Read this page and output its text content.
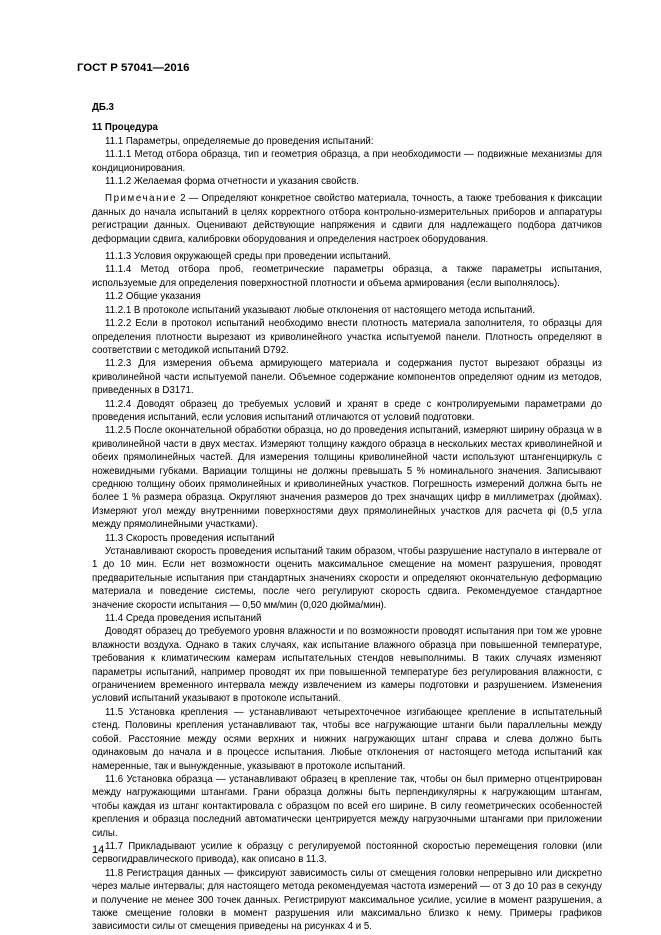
ГОСТ Р 57041—2016

ДБ.3

11 Процедура

11.1 Параметры, определяемые до проведения испытаний:

11.1.1 Метод отбора образца, тип и геометрия образца, а при необходимости — подвижные механизмы для кондиционирования.

11.1.2 Желаемая форма отчетности и указания свойств.

Примечание 2 — Определяют конкретное свойство материала, точность, а также требования к фиксации данных до начала испытаний в целях корректного отбора контрольно-измерительных приборов и аппаратуры регистрации данных. Оценивают действующие напряжения и сдвиги для надлежащего подбора датчиков деформации сдвига, калибровки оборудования и определения настроек оборудования.

11.1.3 Условия окружающей среды при проведении испытаний.

11.1.4 Метод отбора проб, геометрические параметры образца, а также параметры испытания, используемые для определения поверхностной плотности и объема армирования (если выполнялось).

11.2 Общие указания

11.2.1 В протоколе испытаний указывают любые отклонения от настоящего метода испытаний.

11.2.2 Если в протокол испытаний необходимо внести плотность материала заполнителя, то образцы для определения плотности вырезают из криволинейного участка испытуемой панели. Плотность определяют в соответствии с методикой испытаний D792.

11.2.3 Для измерения объема армирующего материала и содержания пустот вырезают образцы из криволинейной части испытуемой панели. Объемное содержание компонентов определяют одним из методов, приведенных в D3171.

11.2.4 Доводят образец до требуемых условий и хранят в среде с контролируемыми параметрами до проведения испытаний, если условия испытаний отличаются от условий подготовки.

11.2.5 После окончательной обработки образца, но до проведения испытаний, измеряют ширину образца w в криволинейной части в двух местах. Измеряют толщину каждого образца в нескольких местах криволинейной и обеих прямолинейных частей. Для измерения толщины криволинейной части используют штангенциркуль с ножевидными губками. Вариации толщины не должны превышать 5 % номинального значения. Записывают среднюю толщину обоих прямолинейных и криволинейных участков. Погрешность измерений должна быть не более 1 % размера образца. Округляют значения размеров до трех значащих цифр в миллиметрах (дюймах). Измеряют угол между внутренними поверхностями двух прямолинейных участков для расчета φi (0,5 угла между прямолинейными участками).

11.3 Скорость проведения испытаний

Устанавливают скорость проведения испытаний таким образом, чтобы разрушение наступало в интервале от 1 до 10 мин. Если нет возможности оценить максимальное смещение на момент разрушения, проводят предварительные испытания при стандартных значениях скорости и определяют окончательную деформацию материала и поведение системы, после чего регулируют скорость сдвига. Рекомендуемое стандартное значение скорости испытания — 0,50 мм/мин (0,020 дюйма/мин).

11.4 Среда проведения испытаний

Доводят образец до требуемого уровня влажности и по возможности проводят испытания при том же уровне влажности воздуха. Однако в таких случаях, как испытание влажного образца при повышенной температуре, требования к климатическим камерам испытательных стендов невыполнимы. В таких случаях изменяют параметры испытаний, например проводят их при повышенной температуре без регулирования влажности, с ограничением временного интервала между извлечением из камеры подготовки и разрушением. Изменения условий испытаний указывают в протоколе испытаний.

11.5 Установка крепления — устанавливают четырехточечное изгибающее крепление в испытательный стенд. Половины крепления устанавливают так, чтобы все нагружающие штанги были параллельны между собой. Расстояние между осями верхних и нижних нагружающих штанг справа и слева должно быть одинаковым до начала и в процессе испытания. Любые отклонения от настоящего метода испытаний как намеренные, так и вынужденные, указывают в протоколе испытаний.

11.6 Установка образца — устанавливают образец в крепление так, чтобы он был примерно отцентрирован между нагружающими штангами. Грани образца должны быть перпендикулярны к нагружающим штангам, чтобы каждая из штанг контактировала с образцом по всей его ширине. В силу геометрических особенностей крепления и образца последний автоматически центрируется между нагрузочными штангами при приложении силы.

11.7 Прикладывают усилие к образцу с регулируемой постоянной скоростью перемещения головки (или сервогидравлического привода), как описано в 11.3.

11.8 Регистрация данных — фиксируют зависимость силы от смещения головки непрерывно или дискретно через малые интервалы; для настоящего метода рекомендуемая частота измерений — от 3 до 10 раз в секунду и получение не менее 300 точек данных. Регистрируют максимальное усилие, усилие в момент разрушения, а также смещение головки в момент разрушения или максимально близко к нему. Примеры графиков зависимости силы от смещения приведены на рисунках 4 и 5.

14
